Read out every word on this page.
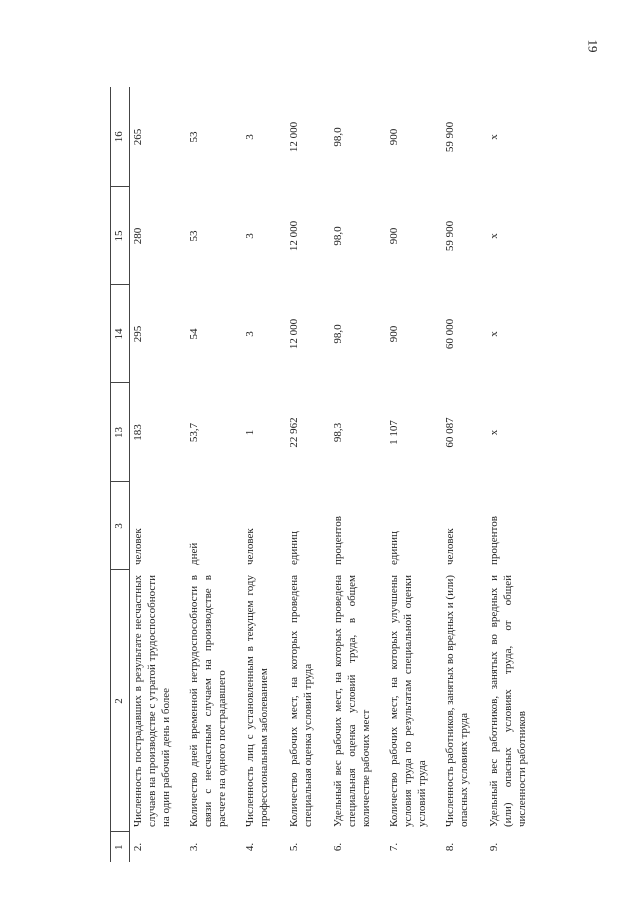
19
1	2	3	13	14	15	16
2.	Численность пострадавших в результате несчастных случаев на производстве с утратой трудоспособности на один рабочий день и более	человек	183	295	280	265
3.	Количество дней временной нетрудоспособности в связи с несчастным случаем на производстве в расчете на одного пострадавшего	дней	53,7	54	53	53
4.	Численность лиц с установленным в текущем году профессиональным заболеванием	человек	1	3	3	3
5.	Количество рабочих мест, на которых проведена специальная оценка условий труда	единиц	22 962	12 000	12 000	12 000
6.	Удельный вес рабочих мест, на которых проведена специальная оценка условий труда, в общем количестве рабочих мест	процентов	98,3	98,0	98,0	98,0
7.	Количество рабочих мест, на которых улучшены условия труда по результатам специальной оценки условий труда	единиц	1 107	900	900	900
8.	Численность работников, занятых во вредных и (или) опасных условиях труда	человек	60 087	60 000	59 900	59 900
9.	Удельный вес работников, занятых во вредных и (или) опасных условиях труда, от общей численности работников	процентов	x	x	x	x
